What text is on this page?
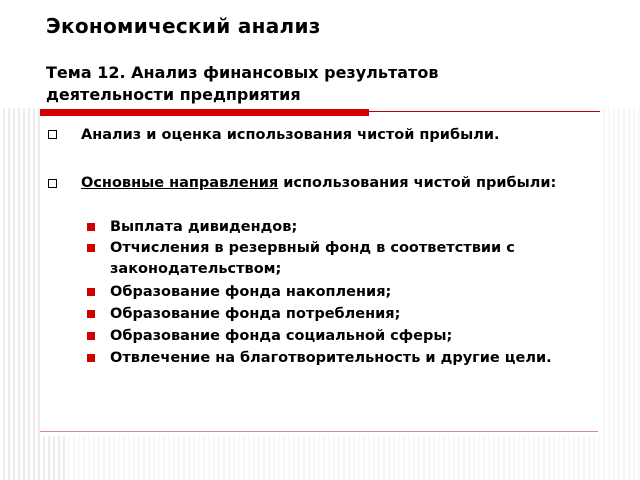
Экономический анализ
Тема 12. Анализ финансовых результатов деятельности предприятия
Анализ и оценка использования чистой прибыли.
Основные направления использования чистой прибыли:
Выплата дивидендов;
Отчисления в резервный фонд в соответствии с законодательством;
Образование фонда накопления;
Образование фонда потребления;
Образование фонда социальной сферы;
Отвлечение на благотворительность и другие цели.
